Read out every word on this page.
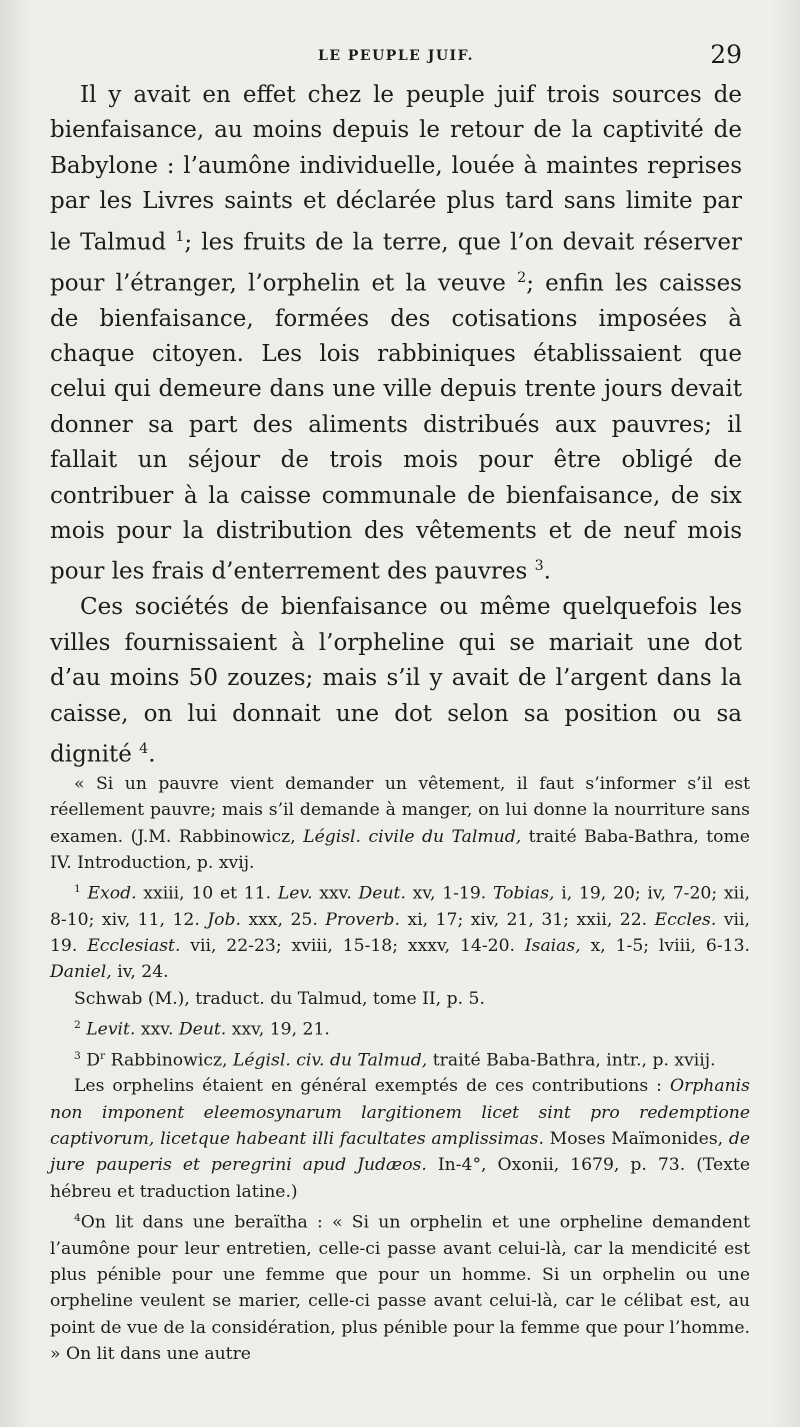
LE PEUPLE JUIF.	29

Il y avait en effet chez le peuple juif trois sources de bienfaisance, au moins depuis le retour de la captivité de Babylone : l’aumône individuelle, louée à maintes reprises par les Livres saints et déclarée plus tard sans limite par le Talmud $^1$; les fruits de la terre, que l’on devait réserver pour l’étranger, l’orphelin et la veuve $^2$; enfin les caisses de bienfaisance, formées des cotisations imposées à chaque citoyen. Les lois rabbiniques établissaient que celui qui demeure dans une ville depuis trente jours devait donner sa part des aliments distribués aux pauvres; il fallait un séjour de trois mois pour être obligé de contribuer à la caisse communale de bienfaisance, de six mois pour la distribution des vêtements et de neuf mois pour les frais d’enterrement des pauvres $^3$.

Ces sociétés de bienfaisance ou même quelquefois les villes fournissaient à l’orpheline qui se mariait une dot d’au moins 50 zouzes; mais s’il y avait de l’argent dans la caisse, on lui donnait une dot selon sa position ou sa dignité $^4$.

« Si un pauvre vient demander un vêtement, il faut s’informer s’il est réellement pauvre; mais s’il demande à manger, on lui donne la nourriture sans examen. (J.M. Rabbinowicz, Législ. civile du Talmud, traité Baba-Bathra, tome IV. Introduction, p. xvij.

$^1$ Exod. xxiii, 10 et 11. Lev. xxv. Deut. xv, 1-19. Tobias, i, 19, 20; iv, 7-20; xii, 8-10; xiv, 11, 12. Job. xxx, 25. Proverb. xi, 17; xiv, 21, 31; xxii, 22. Eccles. vii, 19. Ecclesiast. vii, 22-23; xviii, 15-18; xxxv, 14-20. Isaias, x, 1-5; lviii, 6-13. Daniel, iv, 24.

Schwab (M.), traduct. du Talmud, tome II, p. 5.

$^2$ Levit. xxv. Deut. xxv, 19, 21.

$^3$ D$^r$ Rabbinowicz, Législ. civ. du Talmud, traité Baba-Bathra, intr., p. xviij.

Les orphelins étaient en général exemptés de ces contributions : Orphanis non imponent eleemosynarum largitionem licet sint pro redemptione captivorum, licetque habeant illi facultates amplissimas. Moses Maïmonides, de jure pauperis et peregrini apud Judæos. In-4°, Oxonii, 1679, p. 73. (Texte hébreu et traduction latine.)

$^4$On lit dans une beraïtha : « Si un orphelin et une orpheline demandent l’aumône pour leur entretien, celle-ci passe avant celui-là, car la mendicité est plus pénible pour une femme que pour un homme. Si un orphelin ou une orpheline veulent se marier, celle-ci passe avant celui-là, car le célibat est, au point de vue de la considération, plus pénible pour la femme que pour l’homme. » On lit dans une autre
